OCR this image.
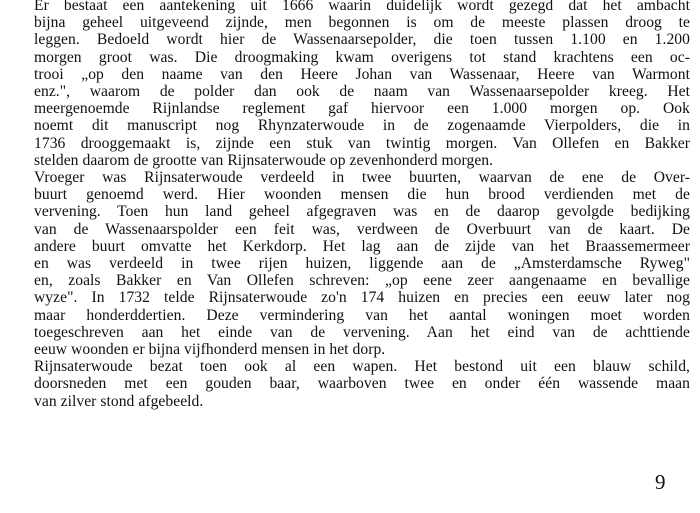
Er bestaat een aantekening uit 1666 waarin duidelijk wordt gezegd dat het ambacht
bijna geheel uitgeveend zijnde, men begonnen is om de meeste plassen droog te
leggen. Bedoeld wordt hier de Wassenaarsepolder, die toen tussen 1.100 en 1.200
morgen groot was. Die droogmaking kwam overigens tot stand krachtens een oc-
trooi „op den naame van den Heere Johan van Wassenaar, Heere van Warmont
enz.", waarom de polder dan ook de naam van Wassenaarsepolder kreeg. Het
meergenoemde Rijnlandse reglement gaf hiervoor een 1.000 morgen op. Ook
noemt dit manuscript nog Rhynzaterwoude in de zogenaamde Vierpolders, die in
1736 drooggemaakt is, zijnde een stuk van twintig morgen. Van Ollefen en Bakker
stelden daarom de grootte van Rijnsaterwoude op zevenhonderd morgen.

Vroeger was Rijnsaterwoude verdeeld in twee buurten, waarvan de ene de Over-
buurt genoemd werd. Hier woonden mensen die hun brood verdienden met de
vervening. Toen hun land geheel afgegraven was en de daarop gevolgde bedijking
van de Wassenaarspolder een feit was, verdween de Overbuurt van de kaart. De
andere buurt omvatte het Kerkdorp. Het lag aan de zijde van het Braassemermeer
en was verdeeld in twee rijen huizen, liggende aan de „Amsterdamsche Ryweg"
en, zoals Bakker en Van Ollefen schreven: „op eene zeer aangenaame en bevallige
wyze". In 1732 telde Rijnsaterwoude zo'n 174 huizen en precies een eeuw later nog
maar honderddertien. Deze vermindering van het aantal woningen moet worden
toegeschreven aan het einde van de vervening. Aan het eind van de achttiende
eeuw woonden er bijna vijfhonderd mensen in het dorp.

Rijnsaterwoude bezat toen ook al een wapen. Het bestond uit een blauw schild,
doorsneden met een gouden baar, waarboven twee en onder één wassende maan
van zilver stond afgebeeld.

9
